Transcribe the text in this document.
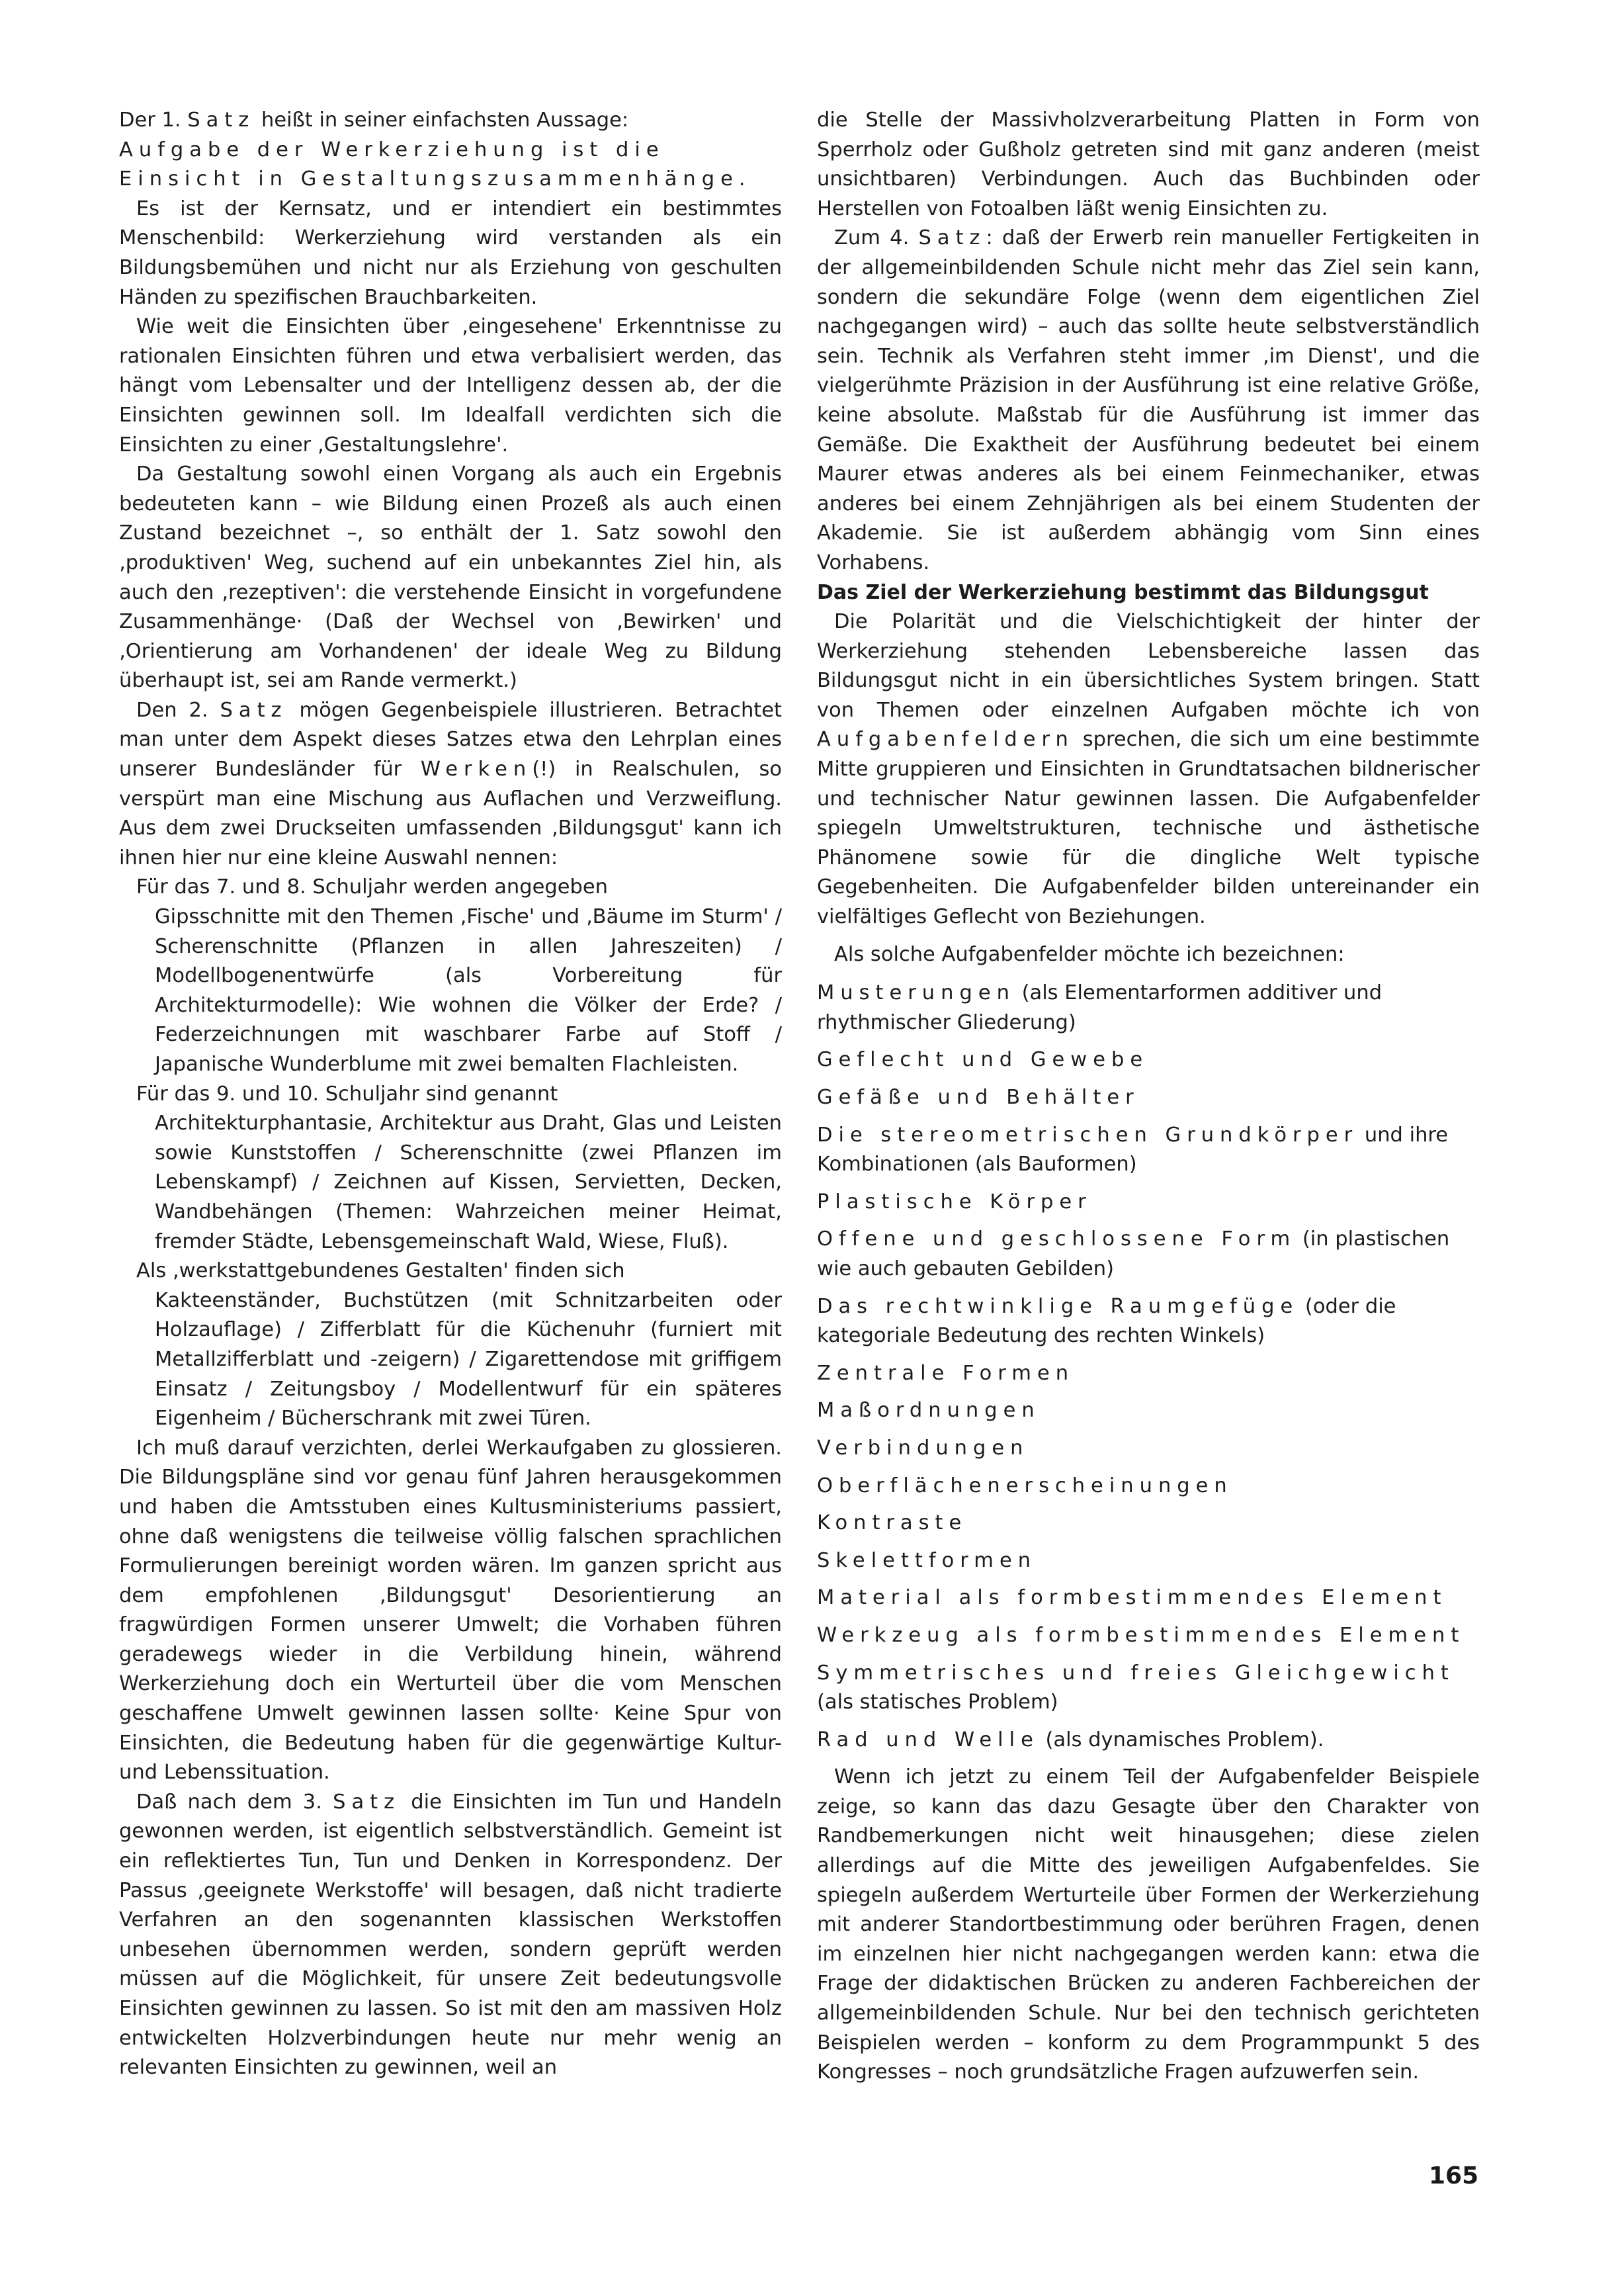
Der 1. Satz heißt in seiner einfachsten Aussage:

Aufgabe der Werkerziehung ist die Einsicht in Gestaltungszusammenhänge.

Es ist der Kernsatz, und er intendiert ein bestimmtes Menschenbild: Werkerziehung wird verstanden als ein Bildungsbemühen und nicht nur als Erziehung von geschulten Händen zu spezifischen Brauchbarkeiten.

Wie weit die Einsichten über ‚eingesehene' Erkenntnisse zu rationalen Einsichten führen und etwa verbalisiert werden, das hängt vom Lebensalter und der Intelligenz dessen ab, der die Einsichten gewinnen soll. Im Idealfall verdichten sich die Einsichten zu einer ‚Gestaltungslehre'.

Da Gestaltung sowohl einen Vorgang als auch ein Ergebnis bedeuteten kann – wie Bildung einen Prozeß als auch einen Zustand bezeichnet –, so enthält der 1. Satz sowohl den ‚produktiven' Weg, suchend auf ein unbekanntes Ziel hin, als auch den ‚rezeptiven': die verstehende Einsicht in vorgefundene Zusammenhänge· (Daß der Wechsel von ‚Bewirken' und ‚Orientierung am Vorhandenen' der ideale Weg zu Bildung überhaupt ist, sei am Rande vermerkt.)

Den 2. Satz mögen Gegenbeispiele illustrieren. Betrachtet man unter dem Aspekt dieses Satzes etwa den Lehrplan eines unserer Bundesländer für Werken(!) in Realschulen, so verspürt man eine Mischung aus Auflachen und Verzweiflung. Aus dem zwei Druckseiten umfassenden ‚Bildungsgut' kann ich ihnen hier nur eine kleine Auswahl nennen:

Für das 7. und 8. Schuljahr werden angegeben

Gipsschnitte mit den Themen ‚Fische' und ‚Bäume im Sturm' / Scherenschnitte (Pflanzen in allen Jahreszeiten) / Modellbogenentwürfe (als Vorbereitung für Architekturmodelle): Wie wohnen die Völker der Erde? / Federzeichnungen mit waschbarer Farbe auf Stoff / Japanische Wunderblume mit zwei bemalten Flachleisten.

Für das 9. und 10. Schuljahr sind genannt

Architekturphantasie, Architektur aus Draht, Glas und Leisten sowie Kunststoffen / Scherenschnitte (zwei Pflanzen im Lebenskampf) / Zeichnen auf Kissen, Servietten, Decken, Wandbehängen (Themen: Wahrzeichen meiner Heimat, fremder Städte, Lebensgemeinschaft Wald, Wiese, Fluß).

Als ‚werkstattgebundenes Gestalten' finden sich

Kakteenständer, Buchstützen (mit Schnitzarbeiten oder Holzauflage) / Zifferblatt für die Küchenuhr (furniert mit Metallzifferblatt und -zeigern) / Zigarettendose mit griffigem Einsatz / Zeitungsboy / Modellentwurf für ein späteres Eigenheim / Bücherschrank mit zwei Türen.

Ich muß darauf verzichten, derlei Werkaufgaben zu glossieren. Die Bildungspläne sind vor genau fünf Jahren herausgekommen und haben die Amtsstuben eines Kultusministeriums passiert, ohne daß wenigstens die teilweise völlig falschen sprachlichen Formulierungen bereinigt worden wären. Im ganzen spricht aus dem empfohlenen ‚Bildungsgut' Desorientierung an fragwürdigen Formen unserer Umwelt; die Vorhaben führen geradewegs wieder in die Verbildung hinein, während Werkerziehung doch ein Werturteil über die vom Menschen geschaffene Umwelt gewinnen lassen sollte· Keine Spur von Einsichten, die Bedeutung haben für die gegenwärtige Kultur- und Lebenssituation.

Daß nach dem 3. Satz die Einsichten im Tun und Handeln gewonnen werden, ist eigentlich selbstverständlich. Gemeint ist ein reflektiertes Tun, Tun und Denken in Korrespondenz. Der Passus ‚geeignete Werkstoffe' will besagen, daß nicht tradierte Verfahren an den sogenannten klassischen Werkstoffen unbesehen übernommen werden, sondern geprüft werden müssen auf die Möglichkeit, für unsere Zeit bedeutungsvolle Einsichten gewinnen zu lassen. So ist mit den am massiven Holz entwickelten Holzverbindungen heute nur mehr wenig an relevanten Einsichten zu gewinnen, weil an

die Stelle der Massivholzverarbeitung Platten in Form von Sperrholz oder Gußholz getreten sind mit ganz anderen (meist unsichtbaren) Verbindungen. Auch das Buchbinden oder Herstellen von Fotoalben läßt wenig Einsichten zu.

Zum 4. Satz: daß der Erwerb rein manueller Fertigkeiten in der allgemeinbildenden Schule nicht mehr das Ziel sein kann, sondern die sekundäre Folge (wenn dem eigentlichen Ziel nachgegangen wird) – auch das sollte heute selbstverständlich sein. Technik als Verfahren steht immer ‚im Dienst', und die vielgerühmte Präzision in der Ausführung ist eine relative Größe, keine absolute. Maßstab für die Ausführung ist immer das Gemäße. Die Exaktheit der Ausführung bedeutet bei einem Maurer etwas anderes als bei einem Feinmechaniker, etwas anderes bei einem Zehnjährigen als bei einem Studenten der Akademie. Sie ist außerdem abhängig vom Sinn eines Vorhabens.

Das Ziel der Werkerziehung bestimmt das Bildungsgut

Die Polarität und die Vielschichtigkeit der hinter der Werkerziehung stehenden Lebensbereiche lassen das Bildungsgut nicht in ein übersichtliches System bringen. Statt von Themen oder einzelnen Aufgaben möchte ich von Aufgabenfeldern sprechen, die sich um eine bestimmte Mitte gruppieren und Einsichten in Grundtatsachen bildnerischer und technischer Natur gewinnen lassen. Die Aufgabenfelder spiegeln Umweltstrukturen, technische und ästhetische Phänomene sowie für die dingliche Welt typische Gegebenheiten. Die Aufgabenfelder bilden untereinander ein vielfältiges Geflecht von Beziehungen.

Als solche Aufgabenfelder möchte ich bezeichnen:

Musterungen (als Elementarformen additiver und rhythmischer Gliederung)

Geflecht und Gewebe

Gefäße und Behälter

Die stereometrischen Grundkörper und ihre Kombinationen (als Bauformen)

Plastische Körper

Offene und geschlossene Form (in plastischen wie auch gebauten Gebilden)

Das rechtwinklige Raumgefüge (oder die kategoriale Bedeutung des rechten Winkels)

Zentrale Formen

Maßordnungen

Verbindungen

Oberflächenerscheinungen

Kontraste

Skelettformen

Material als formbestimmendes Element

Werkzeug als formbestimmendes Element

Symmetrisches und freies Gleichgewicht (als statisches Problem)

Rad und Welle (als dynamisches Problem).

Wenn ich jetzt zu einem Teil der Aufgabenfelder Beispiele zeige, so kann das dazu Gesagte über den Charakter von Randbemerkungen nicht weit hinausgehen; diese zielen allerdings auf die Mitte des jeweiligen Aufgabenfeldes. Sie spiegeln außerdem Werturteile über Formen der Werkerziehung mit anderer Standortbestimmung oder berühren Fragen, denen im einzelnen hier nicht nachgegangen werden kann: etwa die Frage der didaktischen Brücken zu anderen Fachbereichen der allgemeinbildenden Schule. Nur bei den technisch gerichteten Beispielen werden – konform zu dem Programmpunkt 5 des Kongresses – noch grundsätzliche Fragen aufzuwerfen sein.

165
